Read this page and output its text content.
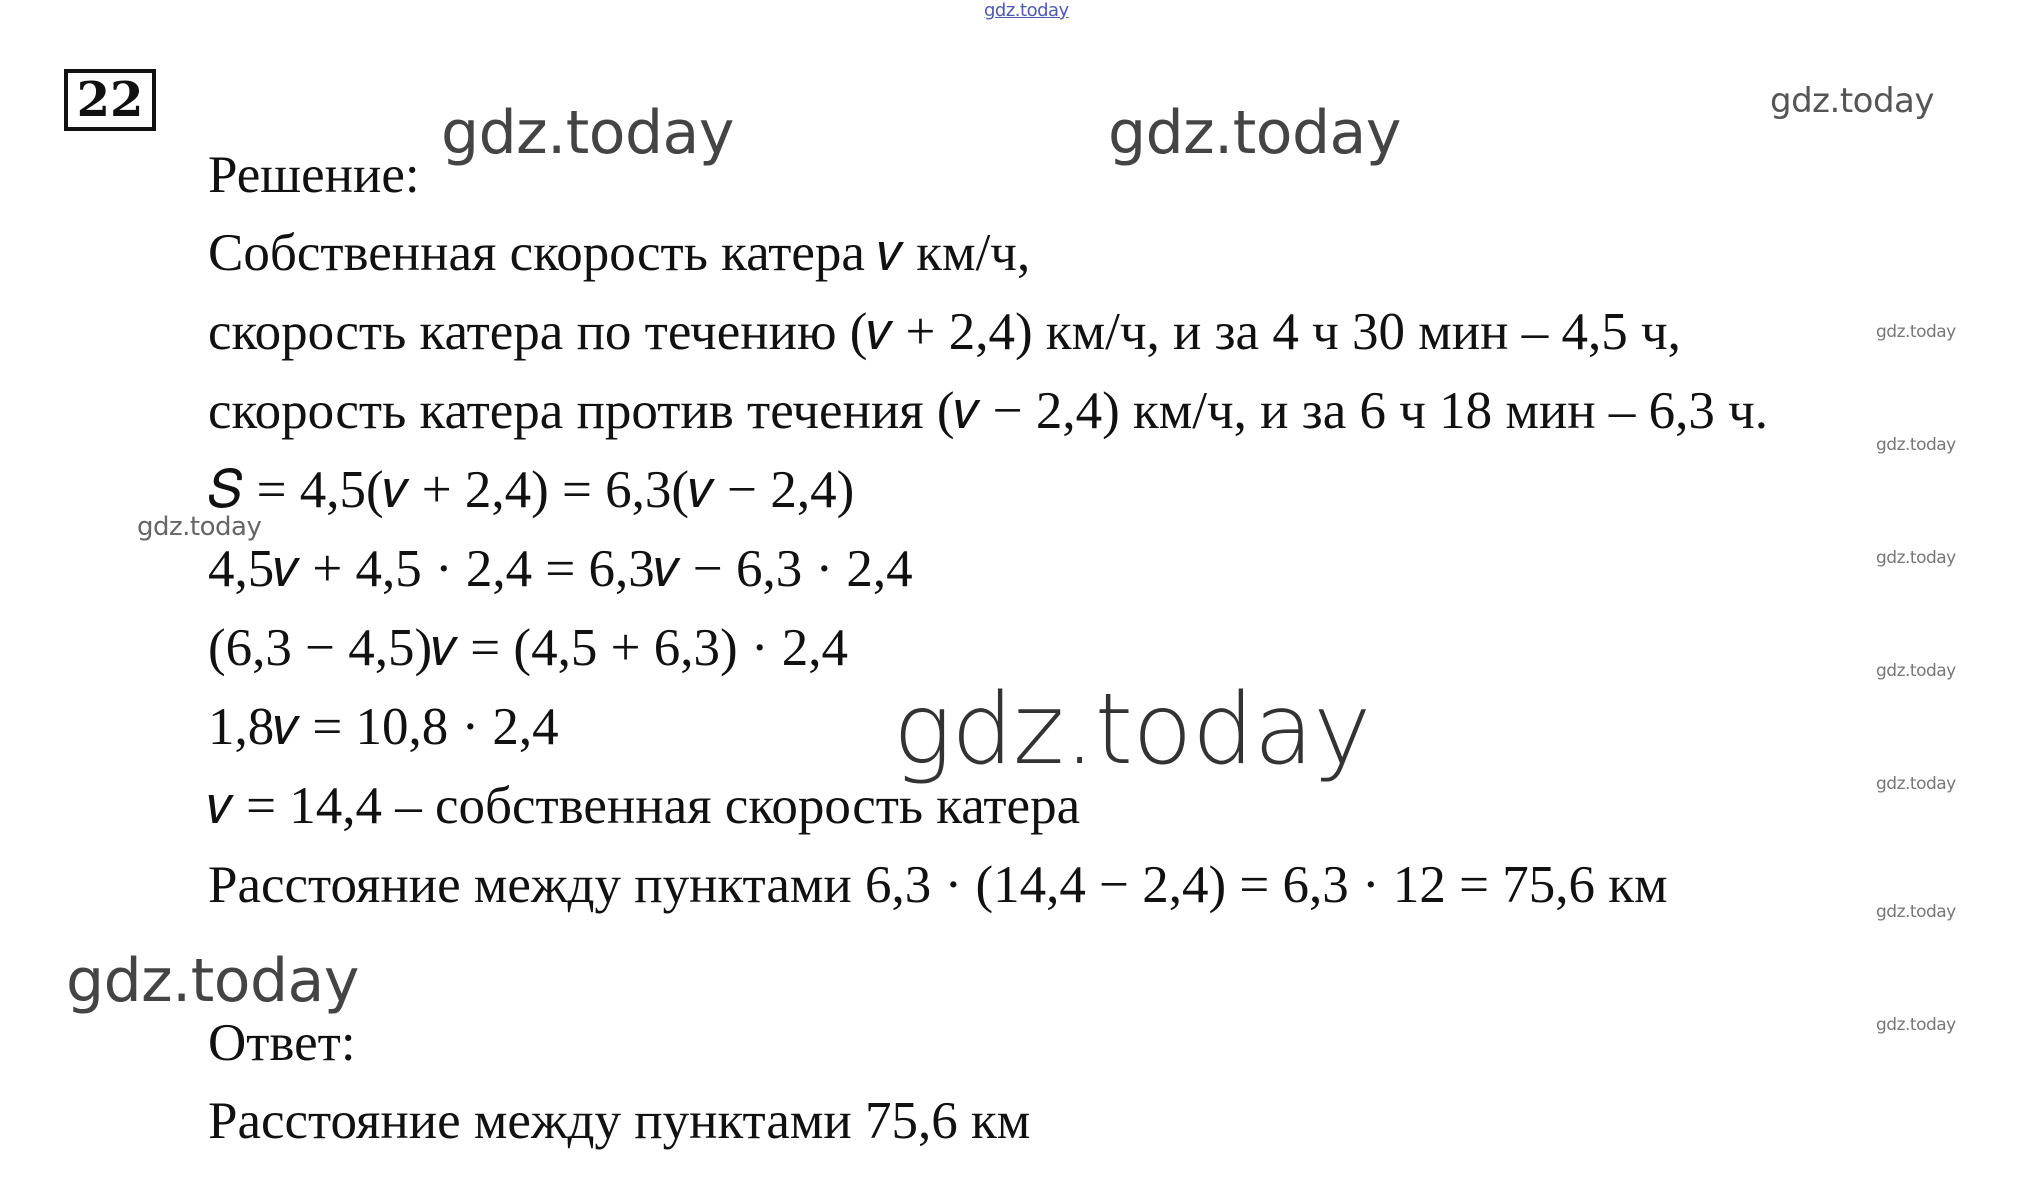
22
Решение:
Собственная скорость катера 𝑣 км/ч,
скорость катера по течению (𝑣 + 2,4) км/ч, и за 4 ч 30 мин – 4,5 ч,
скорость катера против течения (𝑣 − 2,4) км/ч, и за 6 ч 18 мин – 6,3 ч.
𝑆 = 4,5(𝑣 + 2,4) = 6,3(𝑣 − 2,4)
4,5𝑣 + 4,5 · 2,4 = 6,3𝑣 − 6,3 · 2,4
(6,3 − 4,5)𝑣 = (4,5 + 6,3) · 2,4
1,8𝑣 = 10,8 · 2,4
𝑣 = 14,4 – собственная скорость катера
Расстояние между пунктами 6,3 · (14,4 − 2,4) = 6,3 · 12 = 75,6 км
Ответ:
Расстояние между пунктами 75,6 км
gdz.today
gdz.today
gdz.today	gdz.today
gdz.today
gdz.today
gdz.today
gdz.today
gdz.today
gdz.today
gdz.today
gdz.today
gdz.today
gdz.today
